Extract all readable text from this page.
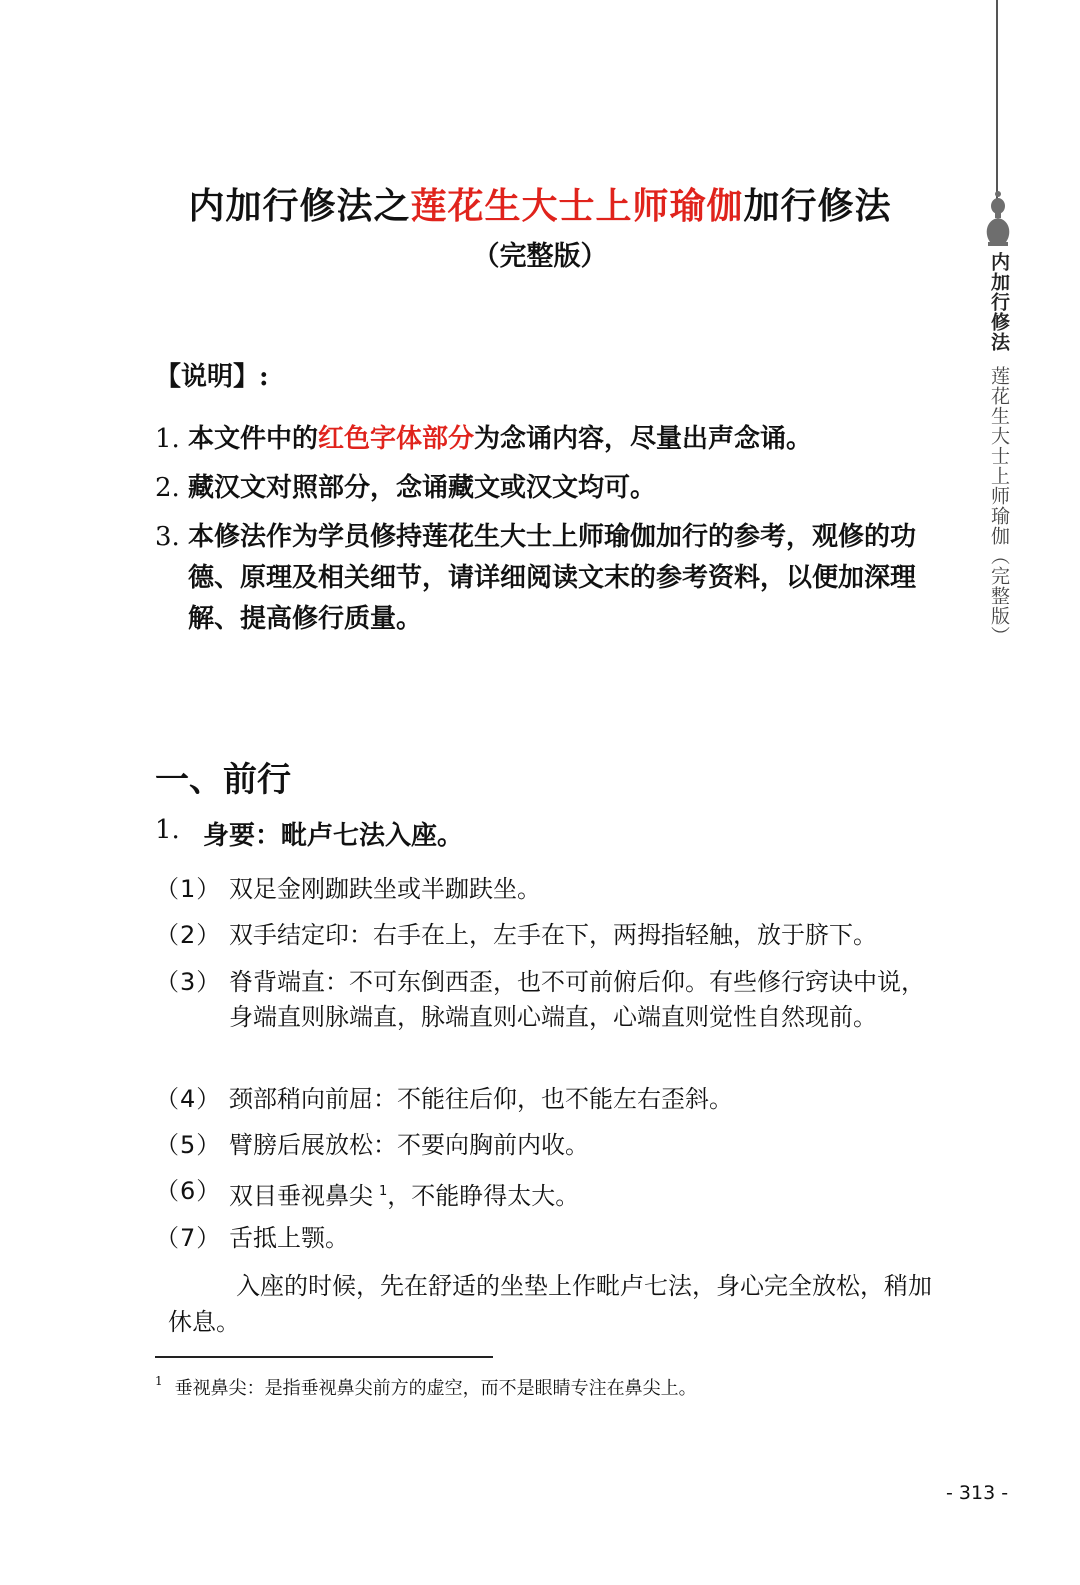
内加行修法
莲花生大士上师瑜伽（完整版）
内加行修法之莲花生大士上师瑜伽加行修法

（完整版）

【说明】:

1. 本文件中的红色字体部分为念诵内容，尽量出声念诵。
2. 藏汉文对照部分，念诵藏文或汉文均可。
3. 本修法作为学员修持莲花生大士上师瑜伽加行的参考，观修的功德、原理及相关细节，请详细阅读文末的参考资料，以便加深理解、提高修行质量。
一、前行
1. 身要：毗卢七法入座。
（1） 双足金刚跏趺坐或半跏趺坐。
（2） 双手结定印：右手在上，左手在下，两拇指轻触，放于脐下。
（3） 脊背端直：不可东倒西歪，也不可前俯后仰。有些修行窍诀中说，身端直则脉端直，脉端直则心端直，心端直则觉性自然现前。
（4） 颈部稍向前屈：不能往后仰，也不能左右歪斜。
（5） 臂膀后展放松：不要向胸前内收。
（6） 双目垂视鼻尖 $^1$，不能睁得太大。
（7） 舌抵上颚。

入座的时候，先在舒适的坐垫上作毗卢七法，身心完全放松，稍加休息。

1 垂视鼻尖：是指垂视鼻尖前方的虚空，而不是眼睛专注在鼻尖上。
- 313 -
